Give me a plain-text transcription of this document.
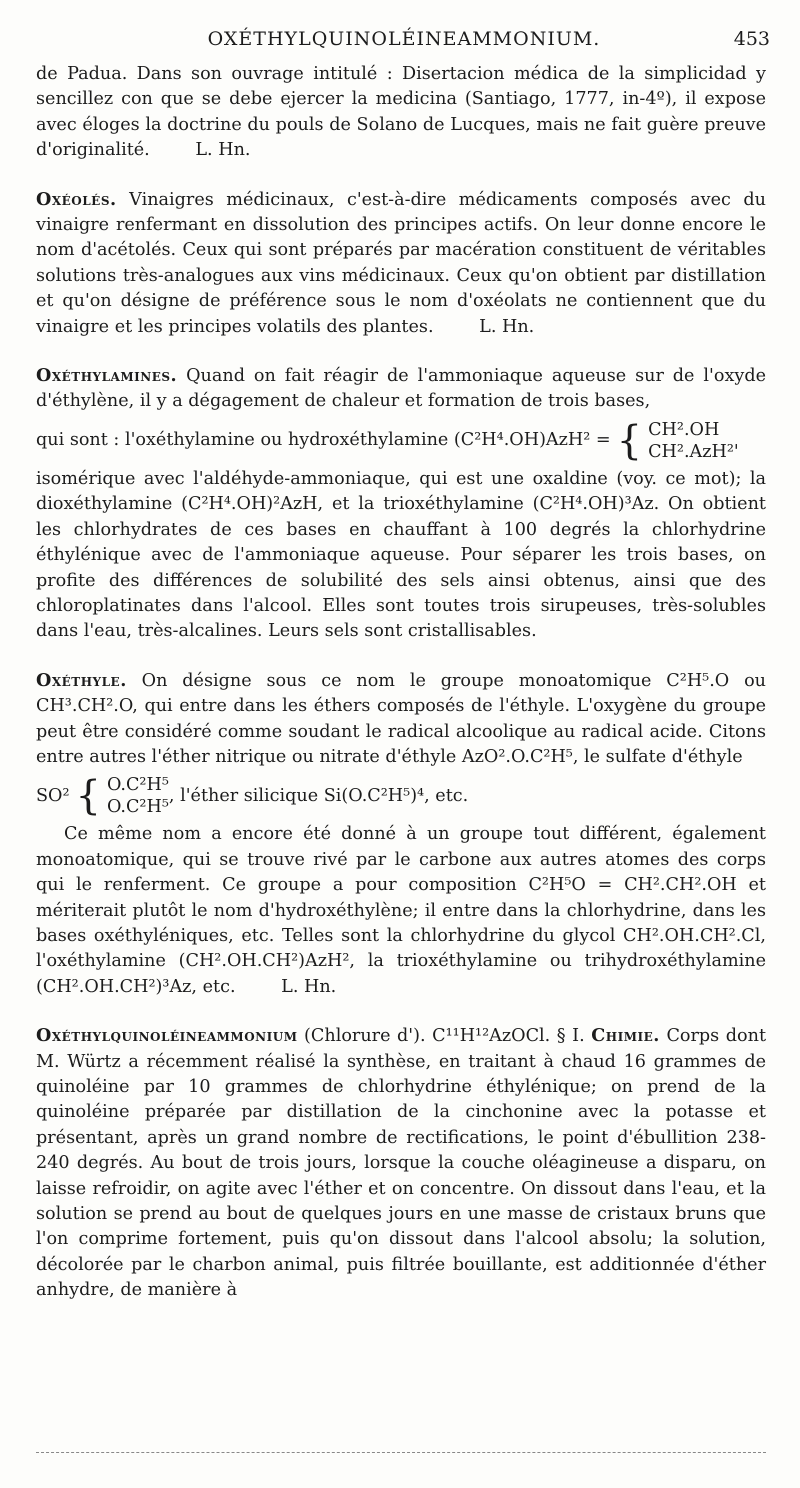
OXÉTHYLQUINOLÉINEAMMONIUM.	453

de Padua. Dans son ouvrage intitulé : Disertacion médica de la simplicidad y sencillez con que se debe ejercer la medicina (Santiago, 1777, in-4º), il expose avec éloges la doctrine du pouls de Solano de Lucques, mais ne fait guère preuve d'originalité.	L. Hn.

Oxéolés. Vinaigres médicinaux, c'est-à-dire médicaments composés avec du vinaigre renfermant en dissolution des principes actifs. On leur donne encore le nom d'acétolés. Ceux qui sont préparés par macération constituent de véritables solutions très-analogues aux vins médicinaux. Ceux qu'on obtient par distillation et qu'on désigne de préférence sous le nom d'oxéolats ne contiennent que du vinaigre et les principes volatils des plantes.	L. Hn.

Oxéthylamines. Quand on fait réagir de l'ammoniaque aqueuse sur de l'oxyde d'éthylène, il y a dégagement de chaleur et formation de trois bases,

qui sont : l'oxéthylamine ou hydroxéthylamine (C²H⁴.OH)AzH² = { CH².OH
CH².AzH²'

isomérique avec l'aldéhyde-ammoniaque, qui est une oxaldine (voy. ce mot); la dioxéthylamine (C²H⁴.OH)²AzH, et la trioxéthylamine (C²H⁴.OH)³Az. On obtient les chlorhydrates de ces bases en chauffant à 100 degrés la chlorhydrine éthylénique avec de l'ammoniaque aqueuse. Pour séparer les trois bases, on profite des différences de solubilité des sels ainsi obtenus, ainsi que des chloroplatinates dans l'alcool. Elles sont toutes trois sirupeuses, très-solubles dans l'eau, très-alcalines. Leurs sels sont cristallisables.

Oxéthyle. On désigne sous ce nom le groupe monoatomique C²H⁵.O ou CH³.CH².O, qui entre dans les éthers composés de l'éthyle. L'oxygène du groupe peut être considéré comme soudant le radical alcoolique au radical acide. Citons entre autres l'éther nitrique ou nitrate d'éthyle AzO².O.C²H⁵, le sulfate d'éthyle

SO² { O.C²H⁵
O.C²H⁵
, l'éther silicique Si(O.C²H⁵)⁴, etc.

Ce même nom a encore été donné à un groupe tout différent, également monoatomique, qui se trouve rivé par le carbone aux autres atomes des corps qui le renferment. Ce groupe a pour composition C²H⁵O = CH².CH².OH et mériterait plutôt le nom d'hydroxéthylène; il entre dans la chlorhydrine, dans les bases oxéthyléniques, etc. Telles sont la chlorhydrine du glycol CH².OH.CH².Cl, l'oxéthylamine (CH².OH.CH²)AzH², la trioxéthylamine ou trihydroxéthylamine (CH².OH.CH²)³Az, etc.	L. Hn.

Oxéthylquinoléineammonium (Chlorure d'). C¹¹H¹²AzOCl. § I. Chimie. Corps dont M. Würtz a récemment réalisé la synthèse, en traitant à chaud 16 grammes de quinoléine par 10 grammes de chlorhydrine éthylénique; on prend de la quinoléine préparée par distillation de la cinchonine avec la potasse et présentant, après un grand nombre de rectifications, le point d'ébullition 238-240 degrés. Au bout de trois jours, lorsque la couche oléagineuse a disparu, on laisse refroidir, on agite avec l'éther et on concentre. On dissout dans l'eau, et la solution se prend au bout de quelques jours en une masse de cristaux bruns que l'on comprime fortement, puis qu'on dissout dans l'alcool absolu; la solution, décolorée par le charbon animal, puis filtrée bouillante, est additionnée d'éther anhydre, de manière à
